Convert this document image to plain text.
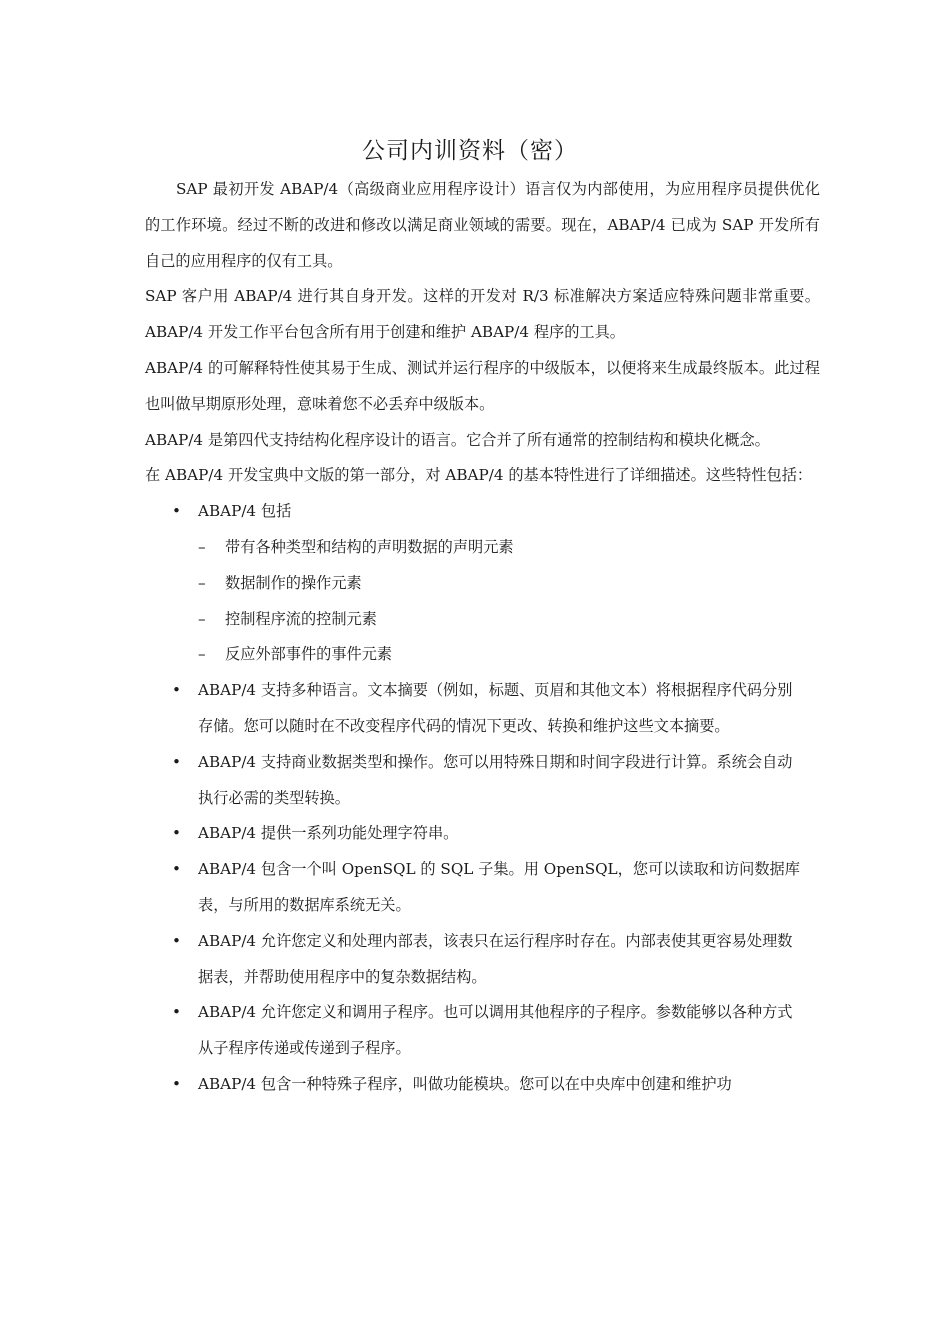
公司内训资料（密）

SAP 最初开发 ABAP/4（高级商业应用程序设计）语言仅为内部使用，为应用程序员提供优化的工作环境。经过不断的改进和修改以满足商业领域的需要。现在，ABAP/4 已成为 SAP 开发所有自己的应用程序的仅有工具。

SAP 客户用 ABAP/4 进行其自身开发。这样的开发对 R/3 标准解决方案适应特殊问题非常重要。ABAP/4 开发工作平台包含所有用于创建和维护 ABAP/4 程序的工具。

ABAP/4 的可解释特性使其易于生成、测试并运行程序的中级版本，以便将来生成最终版本。此过程也叫做早期原形处理，意味着您不必丢弃中级版本。

ABAP/4 是第四代支持结构化程序设计的语言。它合并了所有通常的控制结构和模块化概念。

在 ABAP/4 开发宝典中文版的第一部分，对 ABAP/4 的基本特性进行了详细描述。这些特性包括：

• ABAP/4 包括
– 带有各种类型和结构的声明数据的声明元素
– 数据制作的操作元素
– 控制程序流的控制元素
– 反应外部事件的事件元素
• ABAP/4 支持多种语言。文本摘要（例如，标题、页眉和其他文本）将根据程序代码分别存储。您可以随时在不改变程序代码的情况下更改、转换和维护这些文本摘要。
• ABAP/4 支持商业数据类型和操作。您可以用特殊日期和时间字段进行计算。系统会自动执行必需的类型转换。
• ABAP/4 提供一系列功能处理字符串。
• ABAP/4 包含一个叫 OpenSQL 的 SQL 子集。用 OpenSQL，您可以读取和访问数据库表，与所用的数据库系统无关。
• ABAP/4 允许您定义和处理内部表，该表只在运行程序时存在。内部表使其更容易处理数据表，并帮助使用程序中的复杂数据结构。
• ABAP/4 允许您定义和调用子程序。也可以调用其他程序的子程序。参数能够以各种方式从子程序传递或传递到子程序。
• ABAP/4 包含一种特殊子程序，叫做功能模块。您可以在中央库中创建和维护功
